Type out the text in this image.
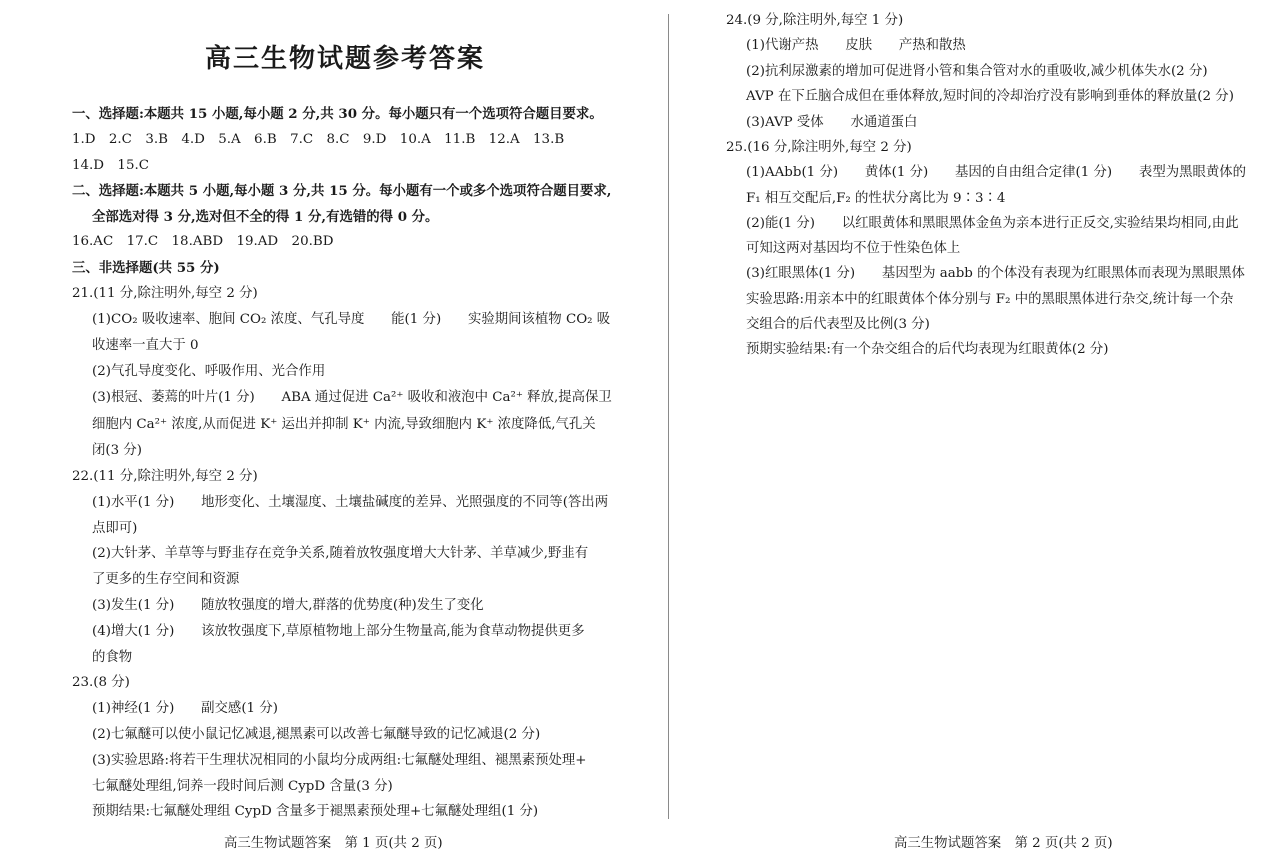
高三生物试题参考答案
一、选择题:本题共 15 小题,每小题 2 分,共 30 分。每小题只有一个选项符合题目要求。
1.D　2.C　3.B　4.D　5.A　6.B　7.C　8.C　9.D　10.A　11.B　12.A　13.B
14.D　15.C
二、选择题:本题共 5 小题,每小题 3 分,共 15 分。每小题有一个或多个选项符合题目要求,
全部选对得 3 分,选对但不全的得 1 分,有选错的得 0 分。
16.AC　17.C　18.ABD　19.AD　20.BD
三、非选择题(共 55 分)
21.(11 分,除注明外,每空 2 分)
(1)CO₂ 吸收速率、胞间 CO₂ 浓度、气孔导度　　能(1 分)　　实验期间该植物 CO₂ 吸
收速率一直大于 0
(2)气孔导度变化、呼吸作用、光合作用
(3)根冠、萎蔫的叶片(1 分)　　ABA 通过促进 Ca²⁺ 吸收和液泡中 Ca²⁺ 释放,提高保卫
细胞内 Ca²⁺ 浓度,从而促进 K⁺ 运出并抑制 K⁺ 内流,导致细胞内 K⁺ 浓度降低,气孔关
闭(3 分)
22.(11 分,除注明外,每空 2 分)
(1)水平(1 分)　　地形变化、土壤湿度、土壤盐碱度的差异、光照强度的不同等(答出两
点即可)
(2)大针茅、羊草等与野韭存在竞争关系,随着放牧强度增大大针茅、羊草减少,野韭有
了更多的生存空间和资源
(3)发生(1 分)　　随放牧强度的增大,群落的优势度(种)发生了变化
(4)增大(1 分)　　该放牧强度下,草原植物地上部分生物量高,能为食草动物提供更多
的食物
23.(8 分)
(1)神经(1 分)　　副交感(1 分)
(2)七氟醚可以使小鼠记忆减退,褪黑素可以改善七氟醚导致的记忆减退(2 分)
(3)实验思路:将若干生理状况相同的小鼠均分成两组:七氟醚处理组、褪黑素预处理+
七氟醚处理组,饲养一段时间后测 CypD 含量(3 分)
预期结果:七氟醚处理组 CypD 含量多于褪黑素预处理+七氟醚处理组(1 分)
24.(9 分,除注明外,每空 1 分)
(1)代谢产热　　皮肤　　产热和散热
(2)抗利尿激素的增加可促进肾小管和集合管对水的重吸收,减少机体失水(2 分)
AVP 在下丘脑合成但在垂体释放,短时间的冷却治疗没有影响到垂体的释放量(2 分)
(3)AVP 受体　　水通道蛋白
25.(16 分,除注明外,每空 2 分)
(1)AAbb(1 分)　　黄体(1 分)　　基因的自由组合定律(1 分)　　表型为黑眼黄体的
F₁ 相互交配后,F₂ 的性状分离比为 9∶3∶4
(2)能(1 分)　　以红眼黄体和黑眼黑体金鱼为亲本进行正反交,实验结果均相同,由此
可知这两对基因均不位于性染色体上
(3)红眼黑体(1 分)　　基因型为 aabb 的个体没有表现为红眼黑体而表现为黑眼黑体
实验思路:用亲本中的红眼黄体个体分别与 F₂ 中的黑眼黑体进行杂交,统计每一个杂
交组合的后代表型及比例(3 分)
预期实验结果:有一个杂交组合的后代均表现为红眼黄体(2 分)
高三生物试题答案　第 1 页(共 2 页)	高三生物试题答案　第 2 页(共 2 页)
